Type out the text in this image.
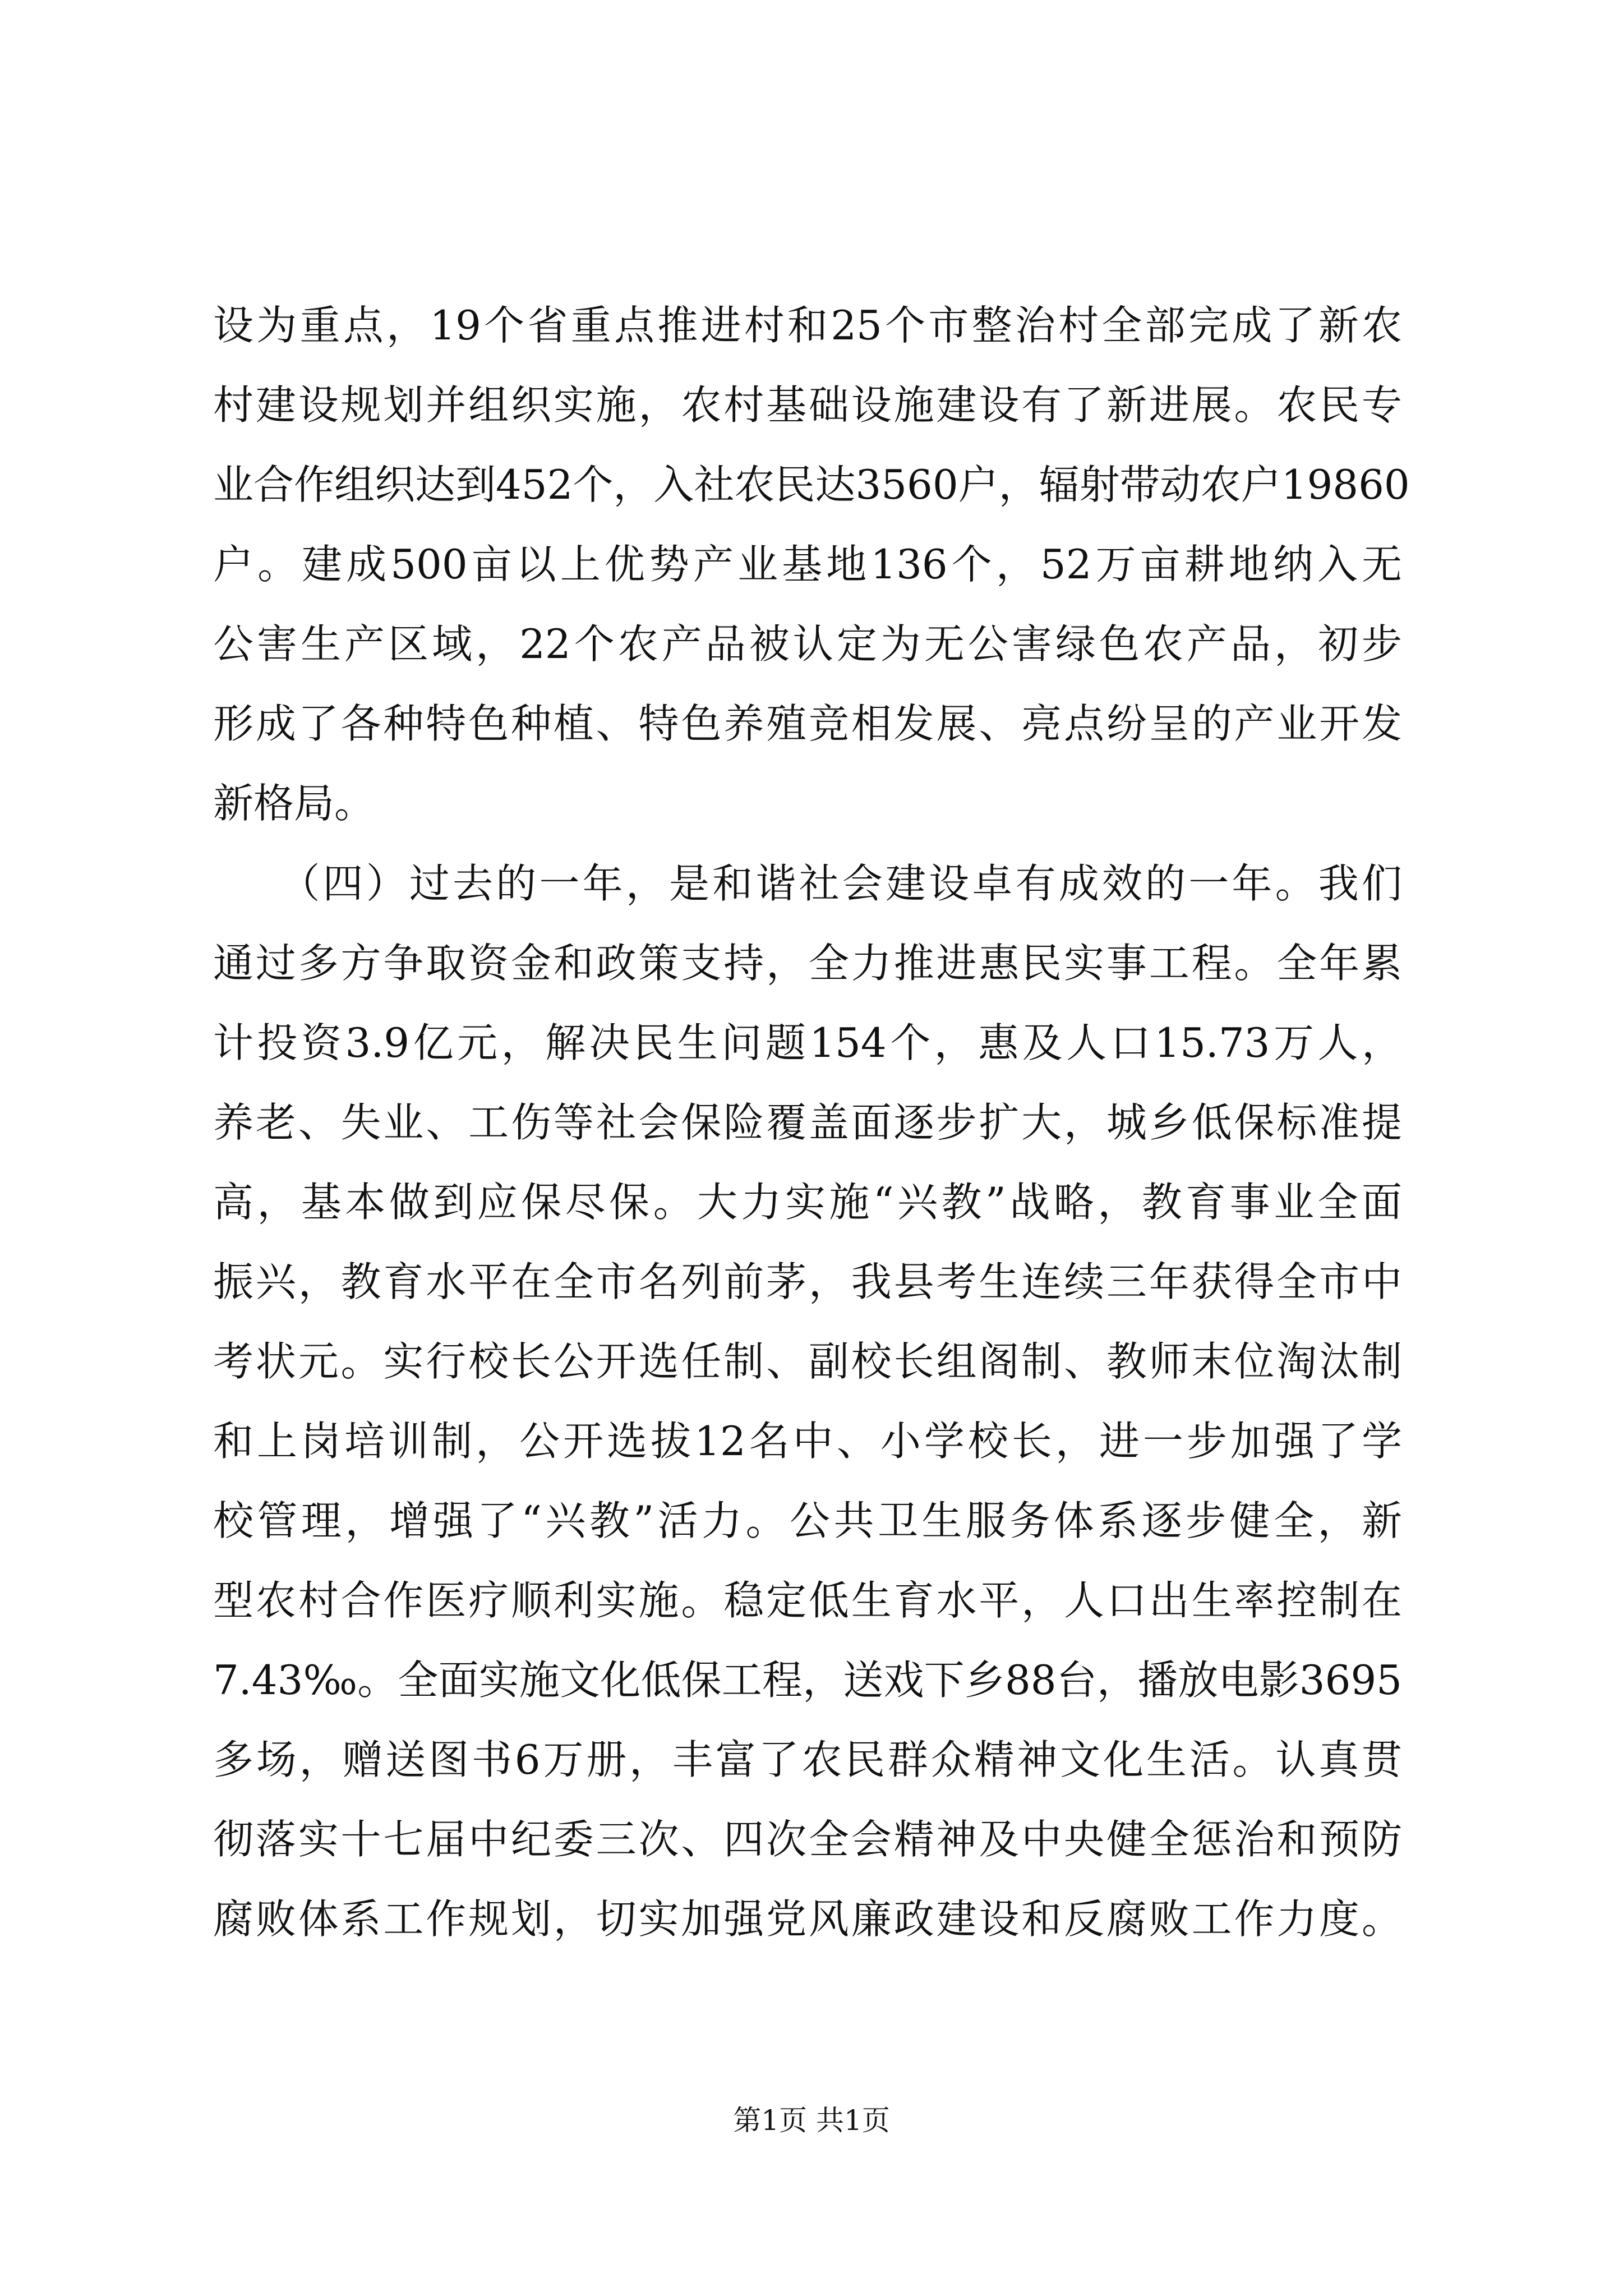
设为重点，19个省重点推进村和25个市整治村全部完成了新农
村建设规划并组织实施，农村基础设施建设有了新进展。农民专
业合作组织达到452个，入社农民达3560户，辐射带动农户19860
户。建成500亩以上优势产业基地136个，52万亩耕地纳入无
公害生产区域，22个农产品被认定为无公害绿色农产品，初步
形成了各种特色种植、特色养殖竞相发展、亮点纷呈的产业开发
新格局。
　　（四）过去的一年，是和谐社会建设卓有成效的一年。我们
通过多方争取资金和政策支持，全力推进惠民实事工程。全年累
计投资3.9亿元，解决民生问题154个，惠及人口15.73万人，
养老、失业、工伤等社会保险覆盖面逐步扩大，城乡低保标准提
高，基本做到应保尽保。大力实施“兴教”战略，教育事业全面
振兴，教育水平在全市名列前茅，我县考生连续三年获得全市中
考状元。实行校长公开选任制、副校长组阁制、教师末位淘汰制
和上岗培训制，公开选拔12名中、小学校长，进一步加强了学
校管理，增强了“兴教”活力。公共卫生服务体系逐步健全，新
型农村合作医疗顺利实施。稳定低生育水平，人口出生率控制在
7.43‰。全面实施文化低保工程，送戏下乡88台，播放电影3695
多场，赠送图书6万册，丰富了农民群众精神文化生活。认真贯
彻落实十七届中纪委三次、四次全会精神及中央健全惩治和预防
腐败体系工作规划，切实加强党风廉政建设和反腐败工作力度。
第1页 共1页
